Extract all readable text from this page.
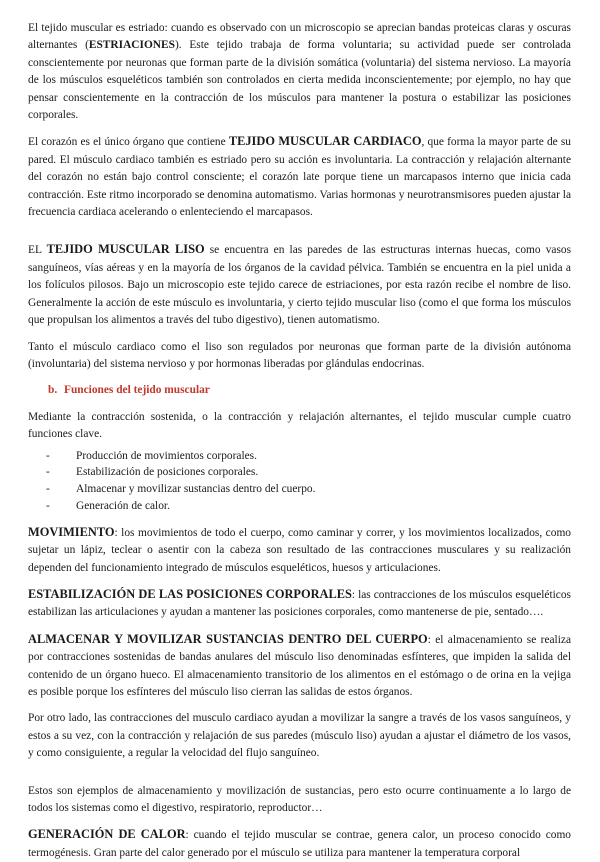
El tejido muscular es estriado: cuando es observado con un microscopio se aprecian bandas proteicas claras y oscuras alternantes (ESTRIACIONES). Este tejido trabaja de forma voluntaria; su actividad puede ser controlada conscientemente por neuronas que forman parte de la división somática (voluntaria) del sistema nervioso. La mayoría de los músculos esqueléticos también son controlados en cierta medida inconscientemente; por ejemplo, no hay que pensar conscientemente en la contracción de los músculos para mantener la postura o estabilizar las posiciones corporales.

El corazón es el único órgano que contiene TEJIDO MUSCULAR CARDIACO, que forma la mayor parte de su pared. El músculo cardiaco también es estriado pero su acción es involuntaria. La contracción y relajación alternante del corazón no están bajo control consciente; el corazón late porque tiene un marcapasos interno que inicia cada contracción. Este ritmo incorporado se denomina automatismo. Varias hormonas y neurotransmisores pueden ajustar la frecuencia cardiaca acelerando o enlenteciendo el marcapasos.

EL TEJIDO MUSCULAR LISO se encuentra en las paredes de las estructuras internas huecas, como vasos sanguíneos, vías aéreas y en la mayoría de los órganos de la cavidad pélvica. También se encuentra en la piel unida a los folículos pilosos. Bajo un microscopio este tejido carece de estriaciones, por esta razón recibe el nombre de liso. Generalmente la acción de este músculo es involuntaria, y cierto tejido muscular liso (como el que forma los músculos que propulsan los alimentos a través del tubo digestivo), tienen automatismo.

Tanto el músculo cardiaco como el liso son regulados por neuronas que forman parte de la división autónoma (involuntaria) del sistema nervioso y por hormonas liberadas por glándulas endocrinas.

b. Funciones del tejido muscular

Mediante la contracción sostenida, o la contracción y relajación alternantes, el tejido muscular cumple cuatro funciones clave.

-	Producción de movimientos corporales.
-	Estabilización de posiciones corporales.
-	Almacenar y movilizar sustancias dentro del cuerpo.
-	Generación de calor.

MOVIMIENTO: los movimientos de todo el cuerpo, como caminar y correr, y los movimientos localizados, como sujetar un lápiz, teclear o asentir con la cabeza son resultado de las contracciones musculares y su realización dependen del funcionamiento integrado de músculos esqueléticos, huesos y articulaciones.

ESTABILIZACIÓN DE LAS POSICIONES CORPORALES: las contracciones de los músculos esqueléticos estabilizan las articulaciones y ayudan a mantener las posiciones corporales, como mantenerse de pie, sentado….

ALMACENAR Y MOVILIZAR SUSTANCIAS DENTRO DEL CUERPO: el almacenamiento se realiza por contracciones sostenidas de bandas anulares del músculo liso denominadas esfínteres, que impiden la salida del contenido de un órgano hueco. El almacenamiento transitorio de los alimentos en el estómago o de orina en la vejiga es posible porque los esfínteres del músculo liso cierran las salidas de estos órganos.

Por otro lado, las contracciones del musculo cardiaco ayudan a movilizar la sangre a través de los vasos sanguíneos, y estos a su vez, con la contracción y relajación de sus paredes (músculo liso) ayudan a ajustar el diámetro de los vasos, y como consiguiente, a regular la velocidad del flujo sanguíneo.

Estos son ejemplos de almacenamiento y movilización de sustancias, pero esto ocurre continuamente a lo largo de todos los sistemas como el digestivo, respiratorio, reproductor…

GENERACIÓN DE CALOR: cuando el tejido muscular se contrae, genera calor, un proceso conocido como termogénesis. Gran parte del calor generado por el músculo se utiliza para mantener la temperatura corporal
